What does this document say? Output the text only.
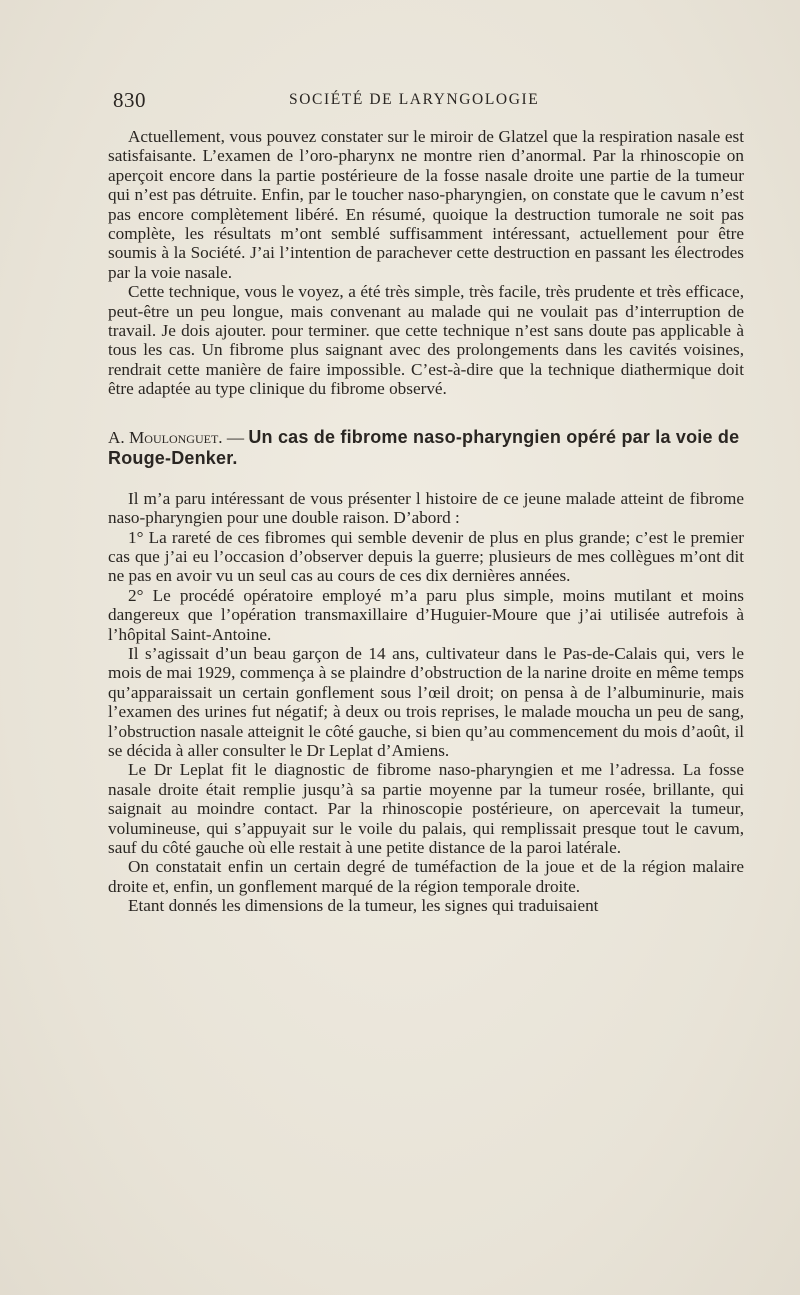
830	SOCIÉTÉ DE LARYNGOLOGIE

Actuellement, vous pouvez constater sur le miroir de Glatzel que la respiration nasale est satisfaisante. L’examen de l’oro-pharynx ne montre rien d’anormal. Par la rhinoscopie on aperçoit encore dans la partie postérieure de la fosse nasale droite une partie de la tumeur qui n’est pas détruite. Enfin, par le toucher naso-pharyngien, on constate que le cavum n’est pas encore complètement libéré. En résumé, quoique la destruction tumorale ne soit pas complète, les résultats m’ont semblé suffisamment intéressant, actuellement pour être soumis à la Société. J’ai l’intention de parachever cette destruction en passant les électrodes par la voie nasale.

Cette technique, vous le voyez, a été très simple, très facile, très prudente et très efficace, peut-être un peu longue, mais convenant au malade qui ne voulait pas d’interruption de travail. Je dois ajouter. pour terminer. que cette technique n’est sans doute pas applicable à tous les cas. Un fibrome plus saignant avec des prolongements dans les cavités voisines, rendrait cette manière de faire impossible. C’est-à-dire que la technique diathermique doit être adaptée au type clinique du fibrome observé.

A. Moulonguet. — Un cas de fibrome naso-pharyngien opéré par la voie de Rouge-Denker.

Il m’a paru intéressant de vous présenter l histoire de ce jeune malade atteint de fibrome naso-pharyngien pour une double raison. D’abord :

1° La rareté de ces fibromes qui semble devenir de plus en plus grande; c’est le premier cas que j’ai eu l’occasion d’observer depuis la guerre; plusieurs de mes collègues m’ont dit ne pas en avoir vu un seul cas au cours de ces dix dernières années.

2° Le procédé opératoire employé m’a paru plus simple, moins mutilant et moins dangereux que l’opération transmaxillaire d’Huguier-Moure que j’ai utilisée autrefois à l’hôpital Saint-Antoine.

Il s’agissait d’un beau garçon de 14 ans, cultivateur dans le Pas-de-Calais qui, vers le mois de mai 1929, commença à se plaindre d’obstruction de la narine droite en même temps qu’apparaissait un certain gonflement sous l’œil droit; on pensa à de l’albuminurie, mais l’examen des urines fut négatif; à deux ou trois reprises, le malade moucha un peu de sang, l’obstruction nasale atteignit le côté gauche, si bien qu’au commencement du mois d’août, il se décida à aller consulter le Dr Leplat d’Amiens.

Le Dr Leplat fit le diagnostic de fibrome naso-pharyngien et me l’adressa. La fosse nasale droite était remplie jusqu’à sa partie moyenne par la tumeur rosée, brillante, qui saignait au moindre contact. Par la rhinoscopie postérieure, on apercevait la tumeur, volumineuse, qui s’appuyait sur le voile du palais, qui remplissait presque tout le cavum, sauf du côté gauche où elle restait à une petite distance de la paroi latérale.

On constatait enfin un certain degré de tuméfaction de la joue et de la région malaire droite et, enfin, un gonflement marqué de la région temporale droite.

Etant donnés les dimensions de la tumeur, les signes qui traduisaient
